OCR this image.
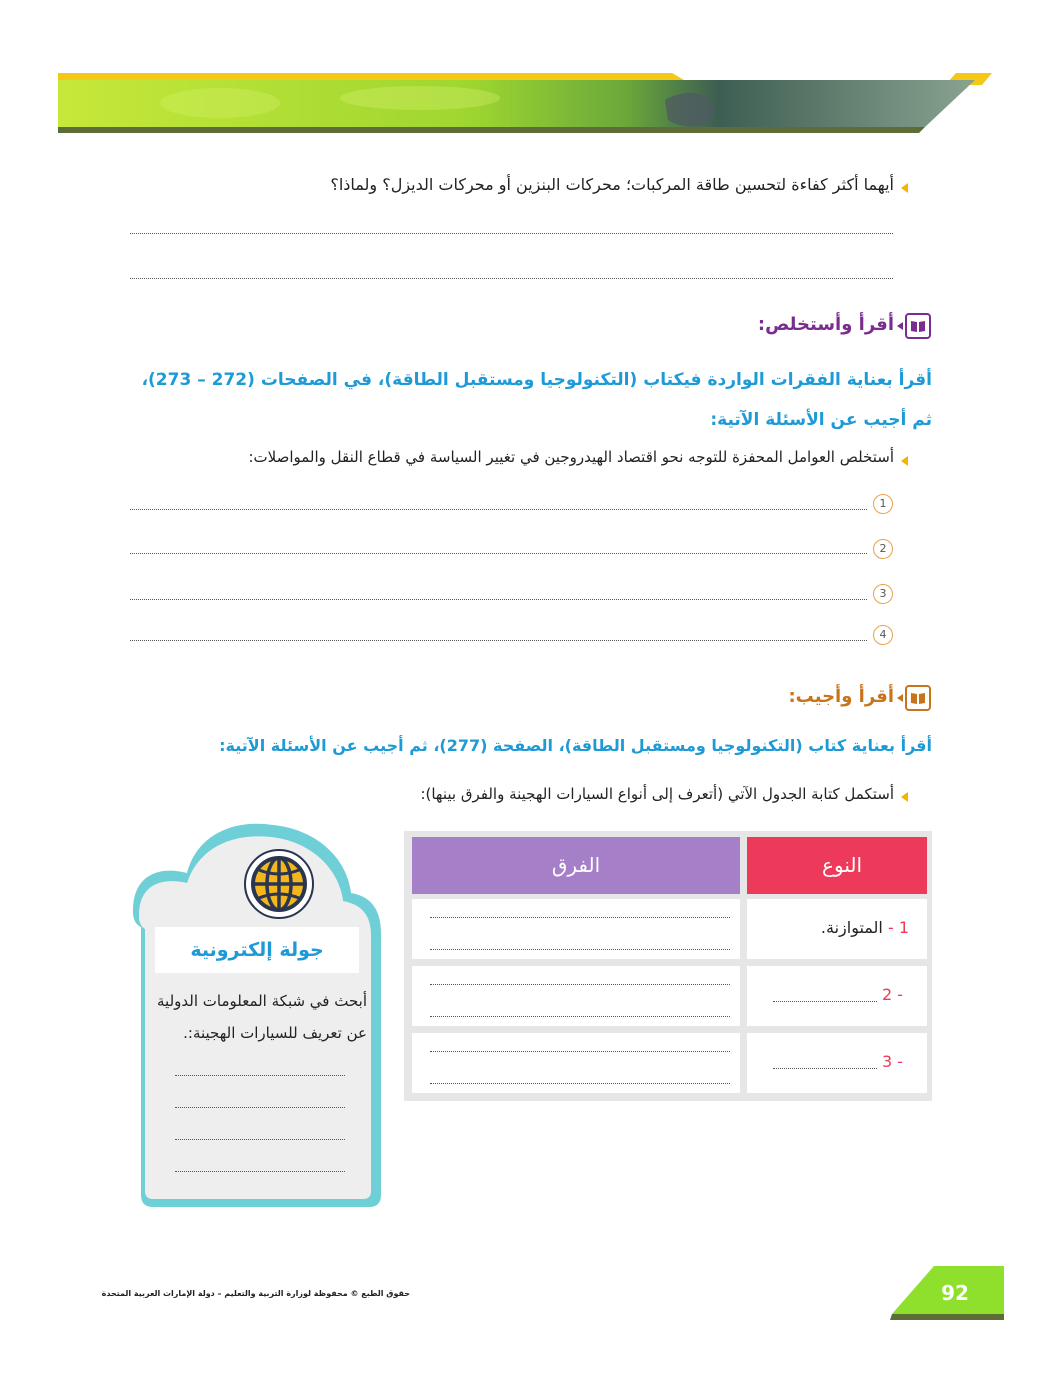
أيهما أكثر كفاءة لتحسين طاقة المركبات؛ محركات البنزين أو محركات الديزل؟ ولماذا؟
أقرأ وأستخلص:
أقرأ بعناية الفقرات الواردة فيكتاب (التكنولوجيا ومستقبل الطاقة)، في الصفحات (272 – 273)، ثم أجيب عن الأسئلة الآتية:
أستخلص العوامل المحفزة للتوجه نحو اقتصاد الهيدروجين في تغيير السياسة في قطاع النقل والمواصلات:
1
2
3
4
أقرأ وأجيب:
أقرأ بعناية كتاب (التكنولوجيا ومستقبل الطاقة)، الصفحة (277)، ثم أجيب عن الأسئلة الآتية:
أستكمل كتابة الجدول الآتي (أتعرف إلى أنواع السيارات الهجينة والفرق بينها):
النوع
الفرق
1 - المتوازنة.
2 -
3 -
جولة إلكترونية
أبحث في شبكة المعلومات الدولية عن تعريف للسيارات الهجينة:.
حقوق الطبع © محفوظة لوزارة التربية والتعليم – دولة الإمارات العربية المتحدة	92
